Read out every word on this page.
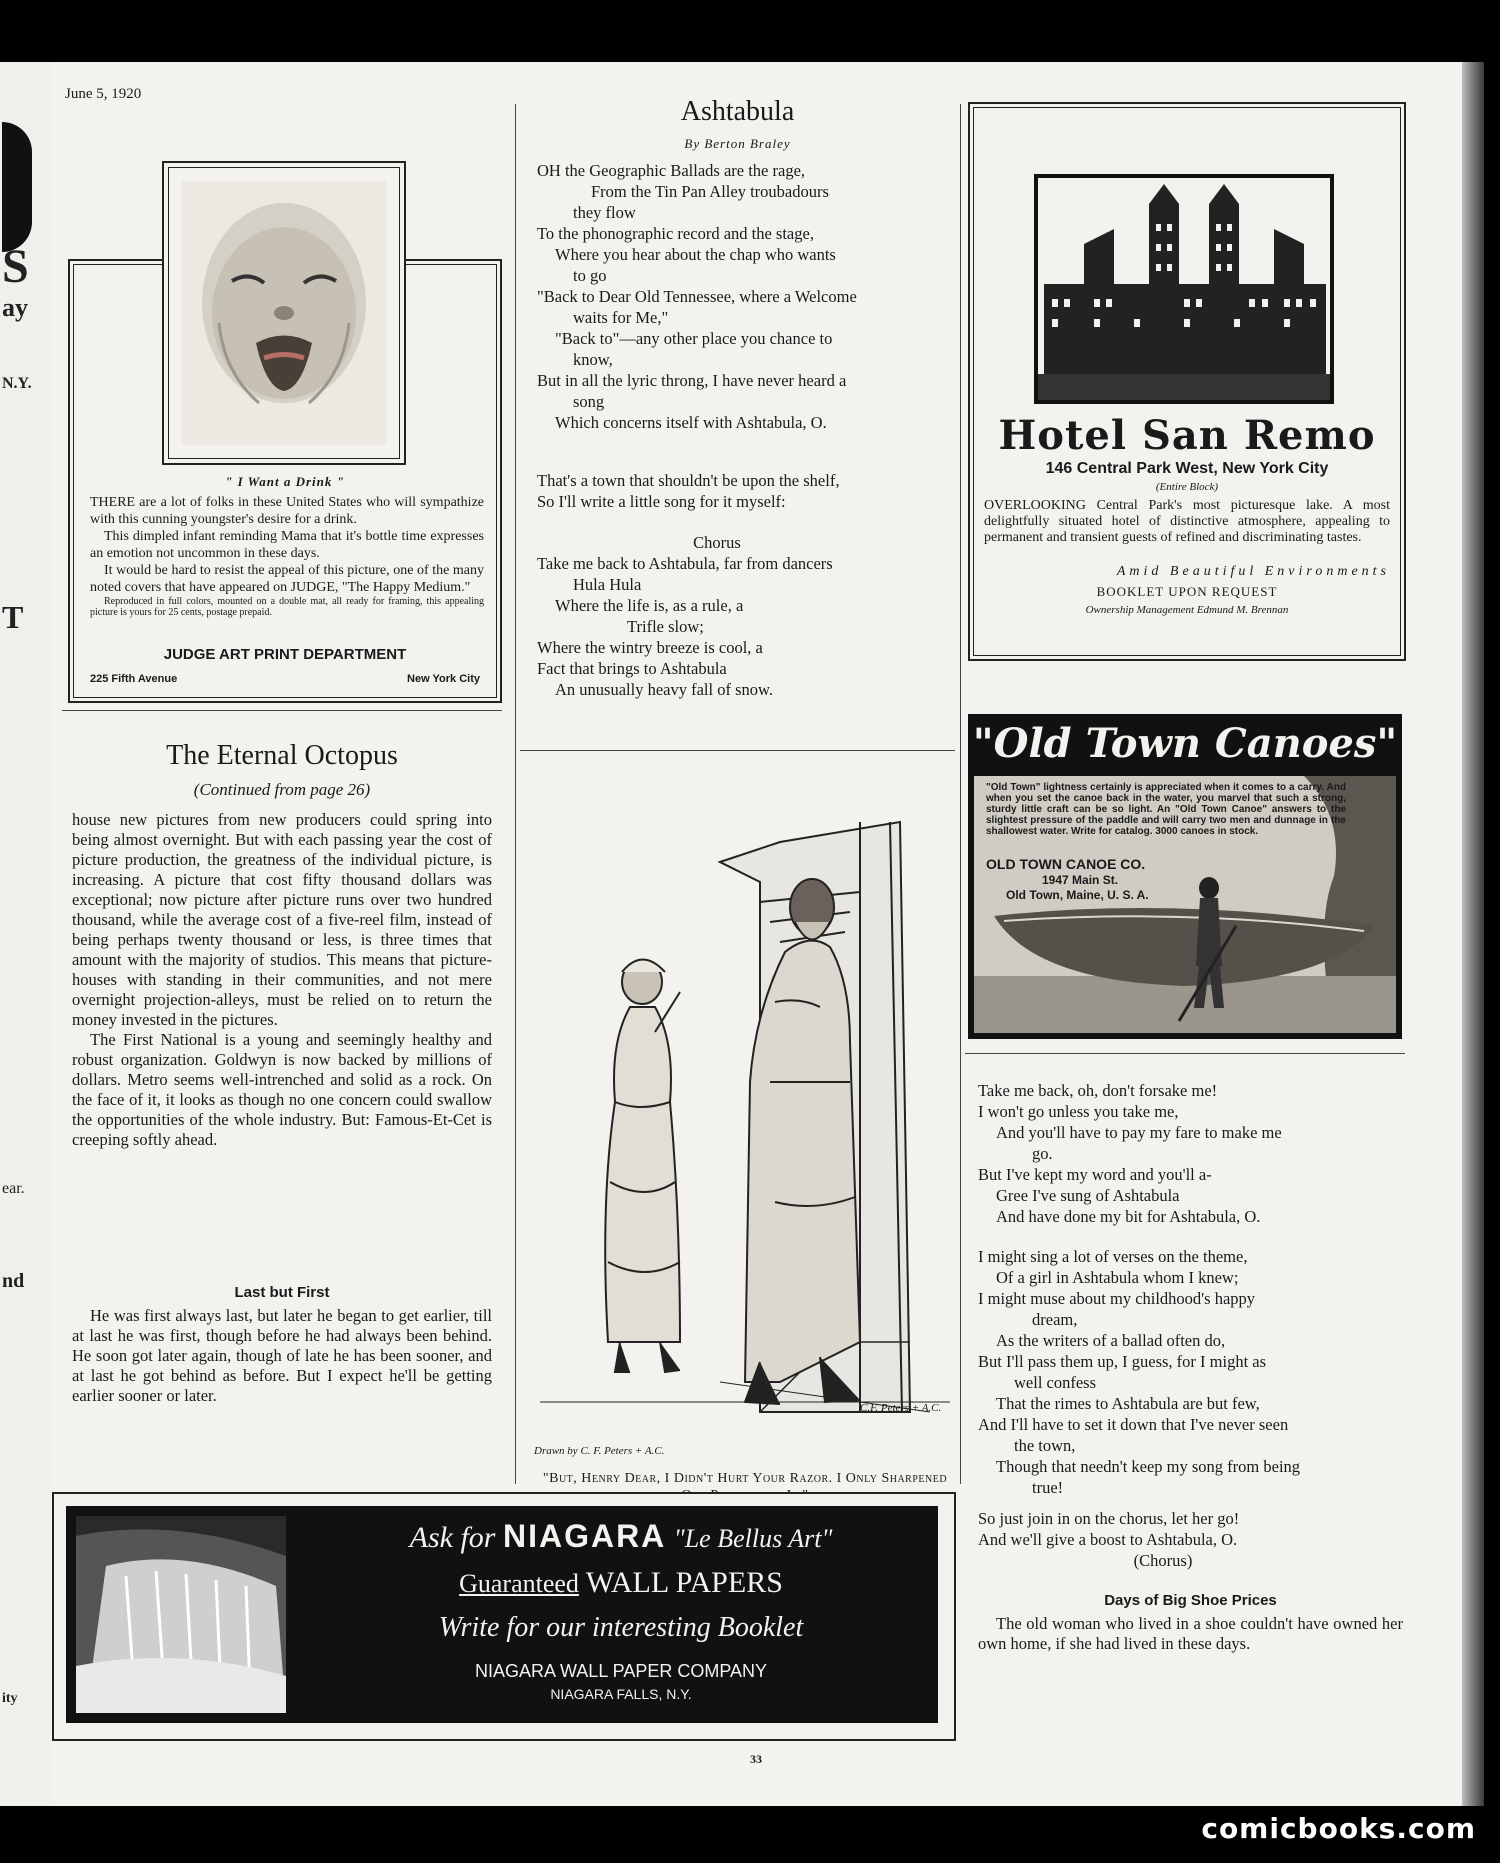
S
ay
N.Y.
T
ear.
nd
ity
June 5, 1920
" I Want a Drink "

THERE are a lot of folks in these United States who will sympathize with this cunning youngster's desire for a drink.

This dimpled infant reminding Mama that it's bottle time expresses an emotion not uncommon in these days.

It would be hard to resist the appeal of this picture, one of the many noted covers that have appeared on JUDGE, "The Happy Medium."

Reproduced in full colors, mounted on a double mat, all ready for framing, this appealing picture is yours for 25 cents, postage prepaid.

JUDGE ART PRINT DEPARTMENT
225 Fifth Avenue	New York City
The Eternal Octopus
(Continued from page 26)

house new pictures from new producers could spring into being almost overnight. But with each passing year the cost of picture production, the greatness of the individual picture, is increasing. A picture that cost fifty thousand dollars was exceptional; now picture after picture runs over two hundred thousand, while the average cost of a five-reel film, instead of being perhaps twenty thousand or less, is three times that amount with the majority of studios. This means that picture-houses with standing in their communities, and not mere overnight projection-alleys, must be relied on to return the money invested in the pictures.

The First National is a young and seemingly healthy and robust organization. Goldwyn is now backed by millions of dollars. Metro seems well-intrenched and solid as a rock. On the face of it, it looks as though no one concern could swallow the opportunities of the whole industry. But: Famous-Et-Cet is creeping softly ahead.

Last but First

He was first always last, but later he began to get earlier, till at last he was first, though before he had always been behind. He soon got later again, though of late he has been sooner, and at last he got behind as before. But I expect he'll be getting earlier sooner or later.

Ashtabula
By Berton Braley
OH the Geographic Ballads are the rage,
From the Tin Pan Alley troubadours
they flow
To the phonographic record and the stage,
Where you hear about the chap who wants
to go
"Back to Dear Old Tennessee, where a Welcome
waits for Me,"
"Back to"—any other place you chance to
know,
But in all the lyric throng, I have never heard a
song
Which concerns itself with Ashtabula, O.
That's a town that shouldn't be upon the shelf,
So I'll write a little song for it myself:
Chorus
Take me back to Ashtabula, far from dancers
Hula Hula
Where the life is, as a rule, a
Trifle slow;
Where the wintry breeze is cool, a
Fact that brings to Ashtabula
An unusually heavy fall of snow.
C.F. Peters + A.C.
Drawn by C. F. Peters + A.C.
"But, Henry Dear, I Didn't Hurt Your Razor. I Only Sharpened
Hotel San Remo
146 Central Park West, New York City
(Entire Block)
OVERLOOKING Central Park's most picturesque lake. A most delightfully situated hotel of distinctive atmosphere, appealing to permanent and transient guests of refined and discriminating tastes.
Amid Beautiful Environments
BOOKLET UPON REQUEST
Ownership Management Edmund M. Brennan
"Old Town Canoes"
"Old Town" lightness certainly is appreciated when it comes to a carry. And when you set the canoe back in the water, you marvel that such a strong, sturdy little craft can be so light. An "Old Town Canoe" answers to the slightest pressure of the paddle and will carry two men and dunnage in the shallowest water. Write for catalog. 3000 canoes in stock.
OLD TOWN CANOE CO.
1947 Main St.
Old Town, Maine, U. S. A.
Take me back, oh, don't forsake me!
I won't go unless you take me,
And you'll have to pay my fare to make me
go.
But I've kept my word and you'll a-
Gree I've sung of Ashtabula
And have done my bit for Ashtabula, O.
I might sing a lot of verses on the theme,
Of a girl in Ashtabula whom I knew;
I might muse about my childhood's happy
dream,
As the writers of a ballad often do,
But I'll pass them up, I guess, for I might as
well confess
That the rimes to Ashtabula are but few,
And I'll have to set it down that I've never seen
the town,
Though that needn't keep my song from being
true!
So just join in on the chorus, let her go!
And we'll give a boost to Ashtabula, O.
(Chorus)
Days of Big Shoe Prices

The old woman who lived in a shoe couldn't have owned her own home, if she had lived in these days.

Ask for NIAGARA "Le Bellus Art"
Guaranteed WALL PAPERS
Write for our interesting Booklet
NIAGARA WALL PAPER COMPANY
NIAGARA FALLS, N.Y.
33
comicbooks.com
